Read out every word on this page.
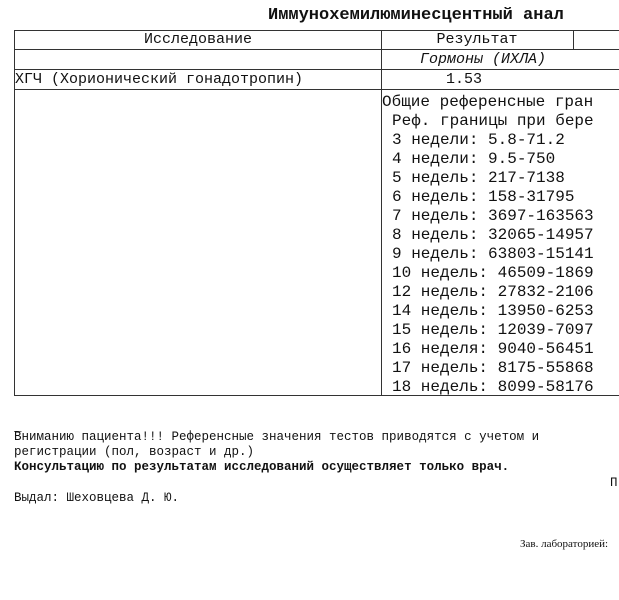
Иммунохемилюминесцентный анал
Исследование	Результат
Гормоны (ИХЛА)
ХГЧ (Хорионический гонадотропин)	1.53
Общие референсные гран
Реф. границы при бере
3 недели: 5.8-71.2
4 недели: 9.5-750
5 недель: 217-7138
6 недель: 158-31795
7 недель: 3697-163563
8 недель: 32065-14957
9 недель: 63803-15141
10 недель: 46509-1869
12 недель: 27832-2106
14 недель: 13950-6253
15 недель: 12039-7097
16 неделя: 9040-56451
17 недель: 8175-55868
18 недель: 8099-58176
_
Вниманию пациента!!! Референсные значения тестов приводятся с учетом и
регистрации (пол, возраст и др.)
Консультацию по результатам исследований осуществляет только врач.
П
Выдал: Шеховцева Д. Ю.
Зав. лабораторией:
